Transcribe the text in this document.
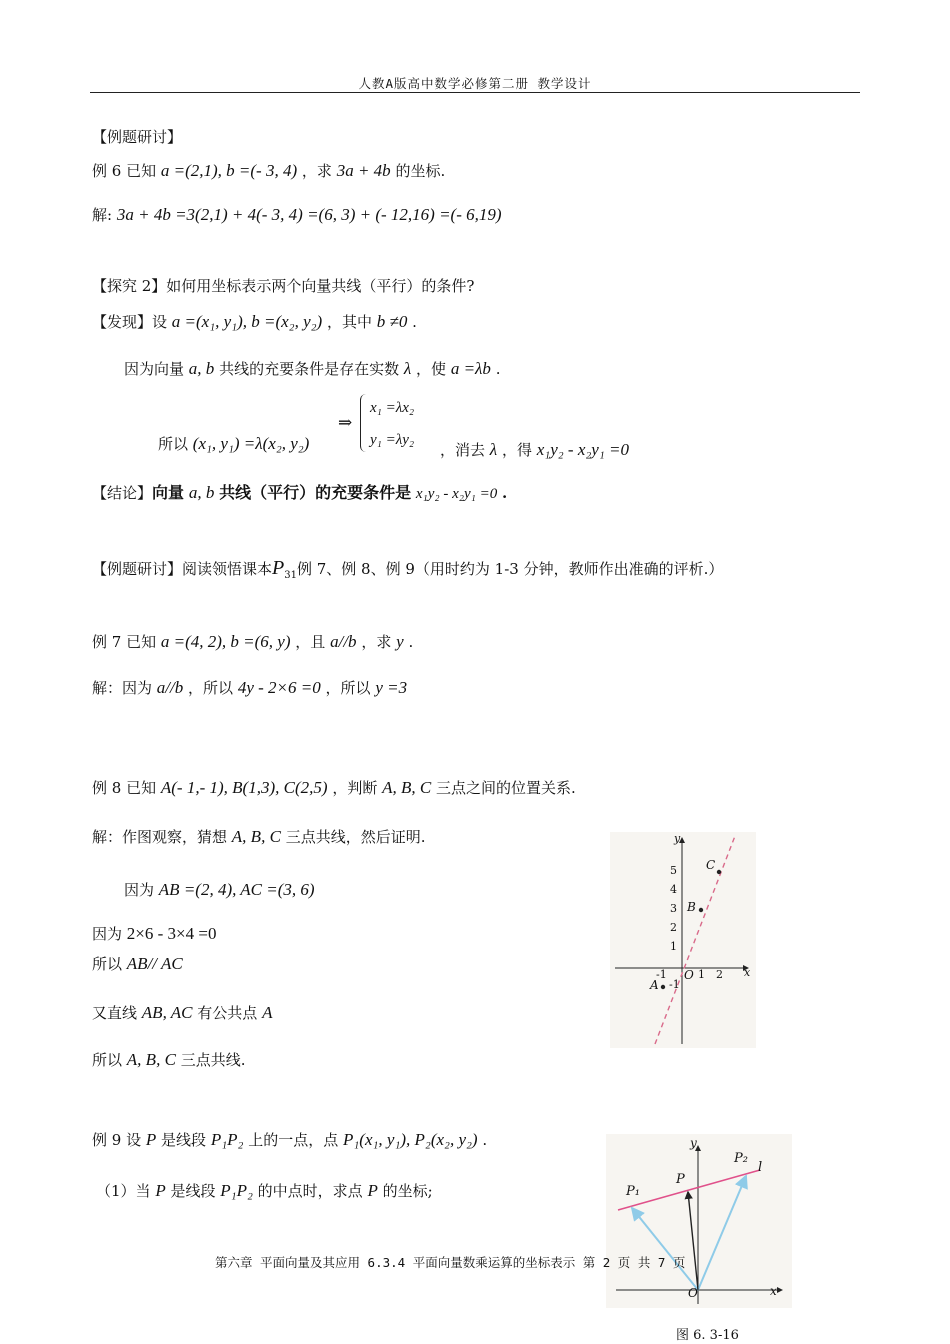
人教A版高中数学必修第二册 教学设计
【例题研讨】
例 6 已知 a =(2,1), b =(- 3, 4) ，求 3a + 4b 的坐标.
解: 3a + 4b =3(2,1) + 4(- 3, 4) =(6, 3) + (- 12,16) =(- 6,19)
【探究 2】如何用坐标表示两个向量共线（平行）的条件?
【发现】设 a =(x₁, y₁), b =(x₂, y₂) ，其中 b ≠0 .
因为向量 a, b 共线的充要条件是存在实数 λ ，使 a =λb .
所以 (x₁, y₁) =λ(x₂, y₂)
⇒
x₁ =λx₂
y₁ =λy₂
，消去 λ ，得 x₁y₂ - x₂y₁ =0
【结论】向量 a, b 共线（平行）的充要条件是 x₁y₂ - x₂y₁ =0 .
【例题研讨】阅读领悟课本$P_{31}$例 7、例 8、例 9（用时约为 1-3 分钟，教师作出准确的评析.）
例 7 已知 a =(4, 2), b =(6, y) ，且 a//b ，求 y .
解：因为 a//b ，所以 4y - 2×6 =0 ，所以 y =3
例 8 已知 A(- 1,- 1), B(1,3), C(2,5) ，判断 A, B, C 三点之间的位置关系.
解：作图观察，猜想 A, B, C 三点共线，然后证明.
因为 AB =(2, 4), AC =(3, 6)
因为 2×6 - 3×4 =0
所以 AB// AC
又直线 AB, AC 有公共点 A
所以 A, B, C 三点共线.
y
x
O
A
B
C
5
4
3
2
1
-1
-1	1 2
例 9 设 P 是线段 P₁P₂ 上的一点，点 P₁(x₁, y₁), P₂(x₂, y₂) .
（1）当 P 是线段 P₁P₂ 的中点时，求点 P 的坐标;
y
x
O
P
P₁
P₂
l
图 6. 3-16
第六章 平面向量及其应用 6.3.4 平面向量数乘运算的坐标表示 第 2 页 共 7 页
